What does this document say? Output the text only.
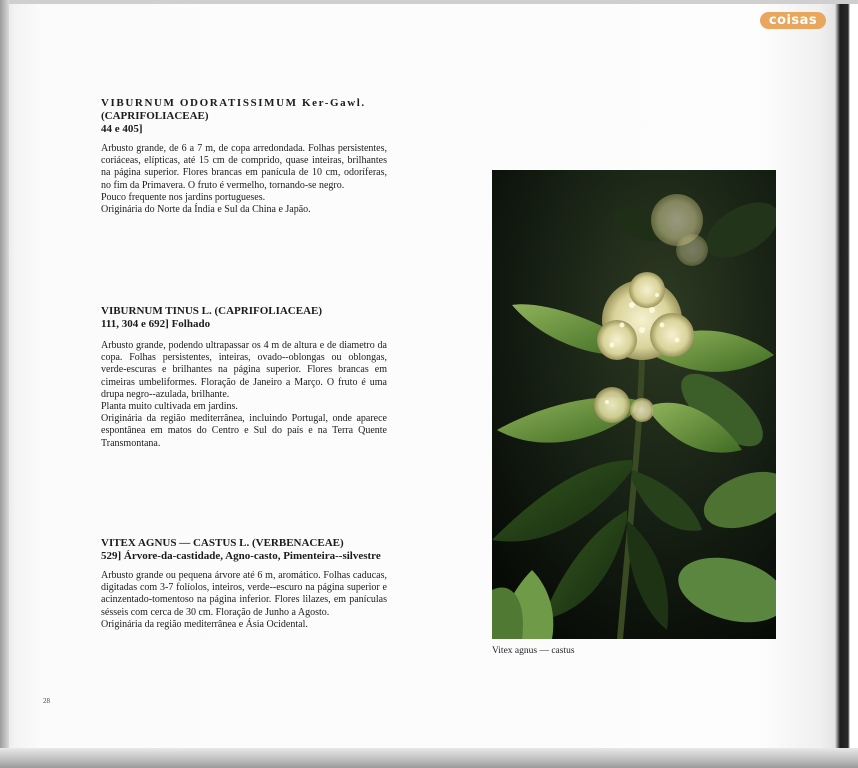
coisas
VIBURNUM ODORATISSIMUM Ker-Gawl.
(CAPRIFOLIACEAE)
44 e 405]

Arbusto grande, de 6 a 7 m, de copa arredondada. Folhas persistentes, coriáceas, elípticas, até 15 cm de comprido, quase inteiras, brilhantes na página superior. Flores brancas em panícula de 10 cm, odoríferas, no fim da Primavera. O fruto é vermelho, tornando-se negro.

Pouco frequente nos jardins portugueses.

Originária do Norte da Índia e Sul da China e Japão.

VIBURNUM TINUS L. (CAPRIFOLIACEAE)
111, 304 e 692] Folhado

Arbusto grande, podendo ultrapassar os 4 m de altura e de diametro da copa. Folhas persistentes, inteiras, ovado--oblongas ou oblongas, verde-escuras e brilhantes na página superior. Flores brancas em cimeiras umbeliformes. Floração de Janeiro a Março. O fruto é uma drupa negro--azulada, brilhante.

Planta muito cultivada em jardins.

Originária da região mediterrânea, incluindo Portugal, onde aparece espontânea em matos do Centro e Sul do país e na Terra Quente Transmontana.

VITEX AGNUS — CASTUS L. (VERBENACEAE)
529] Árvore-da-castidade, Agno-casto, Pimenteira--silvestre

Arbusto grande ou pequena árvore até 6 m, aromático. Folhas caducas, digitadas com 3-7 folíolos, inteiros, verde--escuro na página superior e acinzentado-tomentoso na página inferior. Flores lilazes, em panículas sésseis com cerca de 30 cm. Floração de Junho a Agosto.

Originária da região mediterrânea e Ásia Ocidental.

Vitex agnus — castus
28
